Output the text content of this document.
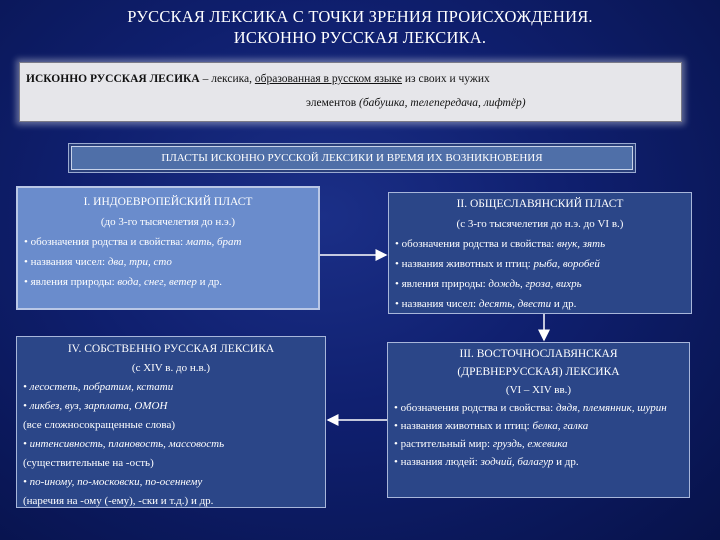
РУССКАЯ ЛЕКСИКА С ТОЧКИ ЗРЕНИЯ ПРОИСХОЖДЕНИЯ.
ИСКОННО РУССКАЯ ЛЕКСИКА.
ИСКОННО РУССКАЯ ЛЕСИКА – лексика, образованная в русском языке из своих и чужих
элементов (бабушка, телепередача, лифтёр)
ПЛАСТЫ ИСКОННО РУССКОЙ ЛЕКСИКИ И ВРЕМЯ ИХ ВОЗНИКНОВЕНИЯ
I. ИНДОЕВРОПЕЙСКИЙ ПЛАСТ
(до 3-го тысячелетия до н.э.)
• обозначения родства и свойства: мать, брат
• названия чисел: два, три, сто
• явления природы: вода, снег, ветер и др.
II. ОБЩЕСЛАВЯНСКИЙ ПЛАСТ
(с 3-го тысячелетия до н.э. до VI в.)
• обозначения родства и свойства: внук, зять
• названия животных и птиц: рыба, воробей
• явления природы: дождь, гроза, вихрь
• названия чисел: десять, двести и др.
IV. СОБСТВЕННО РУССКАЯ ЛЕКСИКА
(с XIV в. до н.в.)
• лесостепь, побратим, кстати
• ликбез, вуз, зарплата, ОМОН
(все сложносокращенные слова)
• интенсивность, плановость, массовость
(существительные на -ость)
• по-иному, по-московски, по-осеннему
(наречия на -ому (-ему), -ски и т.д.) и др.
III. ВОСТОЧНОСЛАВЯНСКАЯ
(ДРЕВНЕРУССКАЯ) ЛЕКСИКА
(VI – XIV вв.)
• обозначения родства и свойства: дядя, племянник, шурин
• названия животных и птиц: белка, галка
• растительный мир: груздь, ежевика
• названия людей: зодчий, балагур и др.
